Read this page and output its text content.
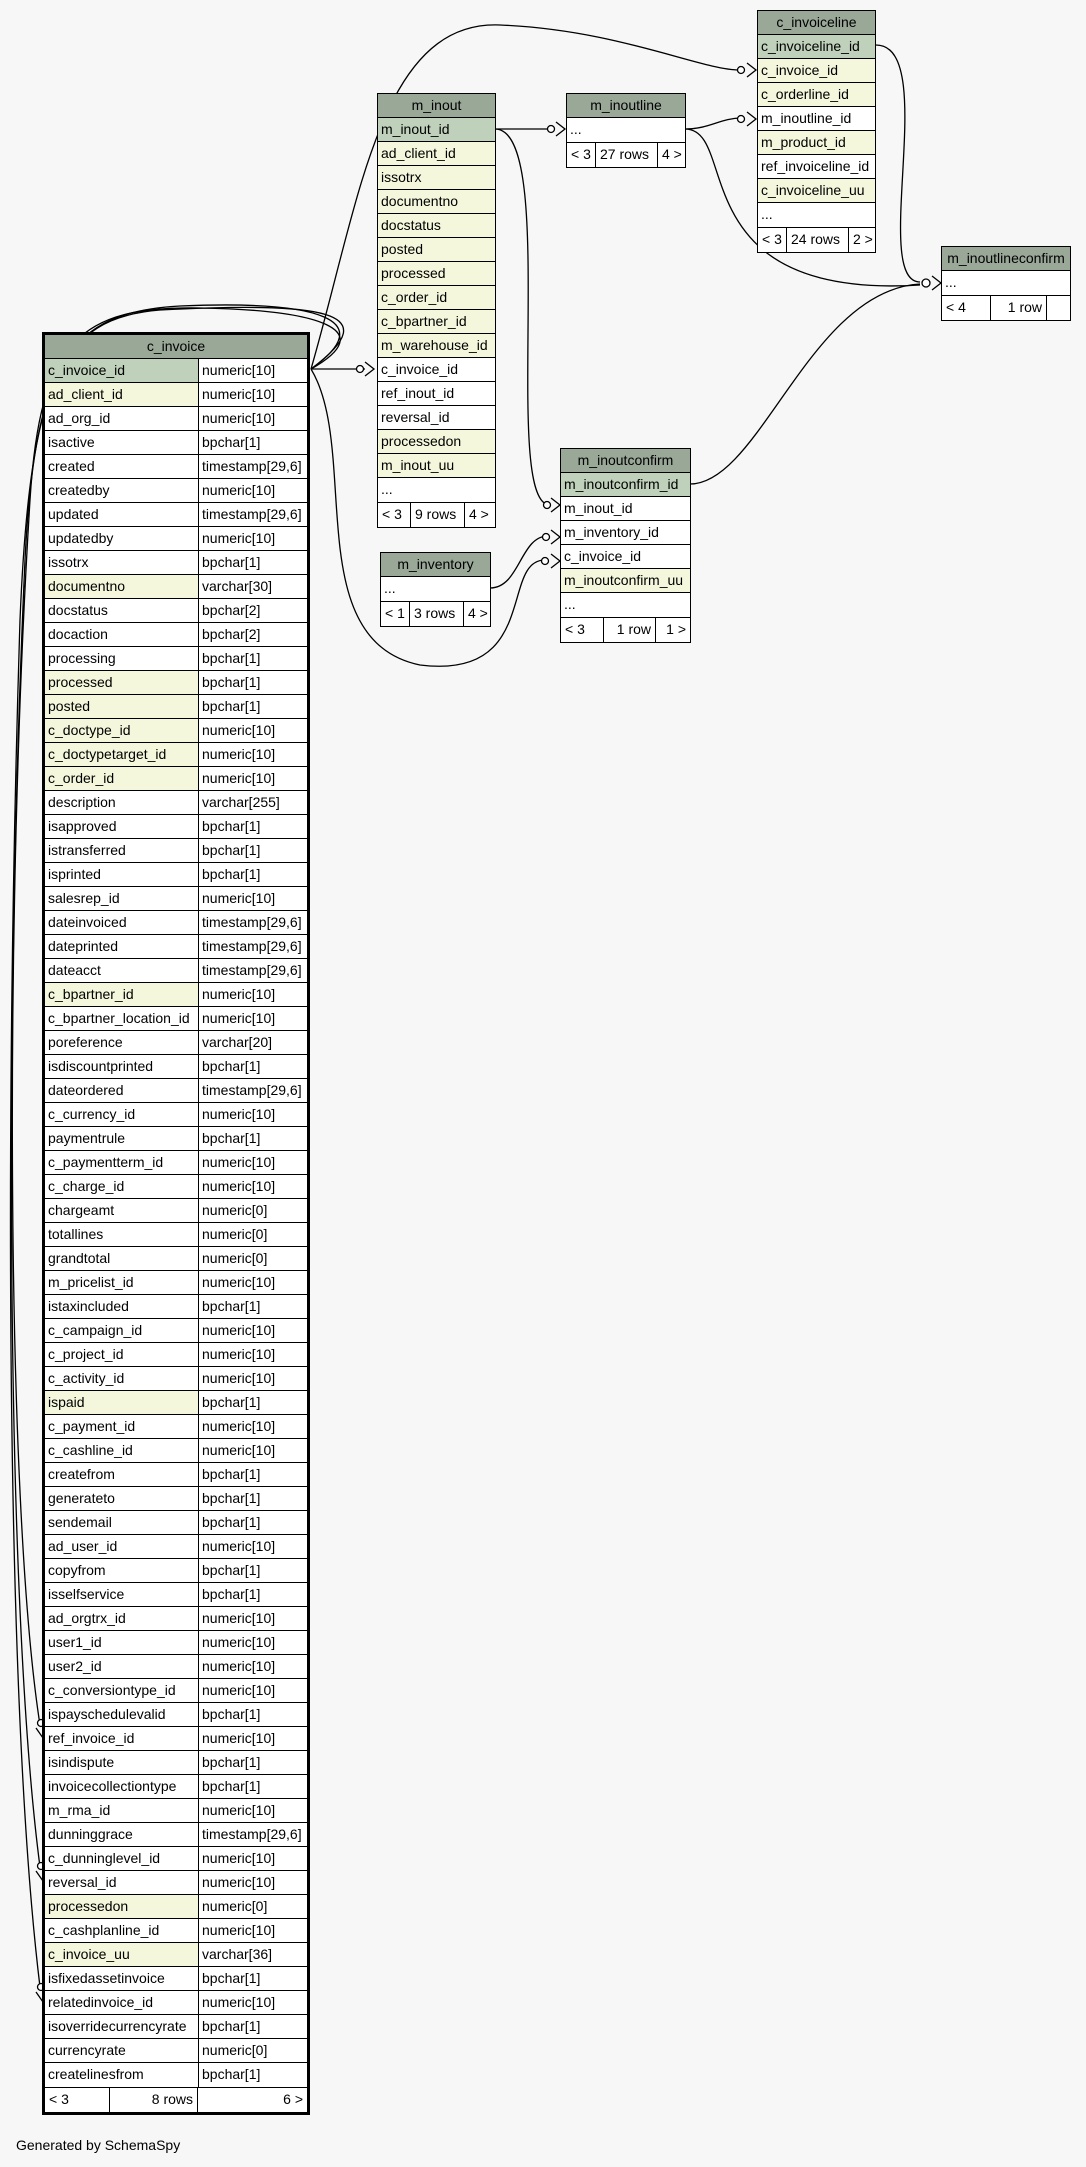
c_invoice
c_invoice_id	numeric[10]
ad_client_id	numeric[10]
ad_org_id	numeric[10]
isactive	bpchar[1]
created	timestamp[29,6]
createdby	numeric[10]
updated	timestamp[29,6]
updatedby	numeric[10]
issotrx	bpchar[1]
documentno	varchar[30]
docstatus	bpchar[2]
docaction	bpchar[2]
processing	bpchar[1]
processed	bpchar[1]
posted	bpchar[1]
c_doctype_id	numeric[10]
c_doctypetarget_id	numeric[10]
c_order_id	numeric[10]
description	varchar[255]
isapproved	bpchar[1]
istransferred	bpchar[1]
isprinted	bpchar[1]
salesrep_id	numeric[10]
dateinvoiced	timestamp[29,6]
dateprinted	timestamp[29,6]
dateacct	timestamp[29,6]
c_bpartner_id	numeric[10]
c_bpartner_location_id numeric[10]
poreference	varchar[20]
isdiscountprinted	bpchar[1]
dateordered	timestamp[29,6]
c_currency_id	numeric[10]
paymentrule	bpchar[1]
c_paymentterm_id	numeric[10]
c_charge_id	numeric[10]
chargeamt	numeric[0]
totallines	numeric[0]
grandtotal	numeric[0]
m_pricelist_id	numeric[10]
istaxincluded	bpchar[1]
c_campaign_id	numeric[10]
c_project_id	numeric[10]
c_activity_id	numeric[10]
ispaid	bpchar[1]
c_payment_id	numeric[10]
c_cashline_id	numeric[10]
createfrom	bpchar[1]
generateto	bpchar[1]
sendemail	bpchar[1]
ad_user_id	numeric[10]
copyfrom	bpchar[1]
isselfservice	bpchar[1]
ad_orgtrx_id	numeric[10]
user1_id	numeric[10]
user2_id	numeric[10]
c_conversiontype_id	numeric[10]
ispayschedulevalid	bpchar[1]
ref_invoice_id	numeric[10]
isindispute	bpchar[1]
invoicecollectiontype	bpchar[1]
m_rma_id	numeric[10]
dunninggrace	timestamp[29,6]
c_dunninglevel_id	numeric[10]
reversal_id	numeric[10]
processedon	numeric[0]
c_cashplanline_id	numeric[10]
c_invoice_uu	varchar[36]
isfixedassetinvoice	bpchar[1]
relatedinvoice_id	numeric[10]
isoverridecurrencyrate	bpchar[1]
currencyrate	numeric[0]
createlinesfrom	bpchar[1]
< 3	8 rows	6 >
m_inout
m_inout_id
ad_client_id
issotrx
documentno
docstatus
posted
processed
c_order_id
c_bpartner_id
m_warehouse_id
c_invoice_id
ref_inout_id
reversal_id
processedon
m_inout_uu
...
< 3 9 rows 4 >
m_inoutline
...
< 3 27 rows 4 >
c_invoiceline
c_invoiceline_id
c_invoice_id
c_orderline_id
m_inoutline_id
m_product_id
ref_invoiceline_id
c_invoiceline_uu
...
< 3 24 rows 2 >
m_inoutlineconfirm
...
< 4	1 row
m_inoutconfirm
m_inoutconfirm_id
m_inout_id
m_inventory_id
c_invoice_id
m_inoutconfirm_uu
...
< 3	1 row	1 >
m_inventory
...
< 1 3 rows 4 >
Generated by SchemaSpy
